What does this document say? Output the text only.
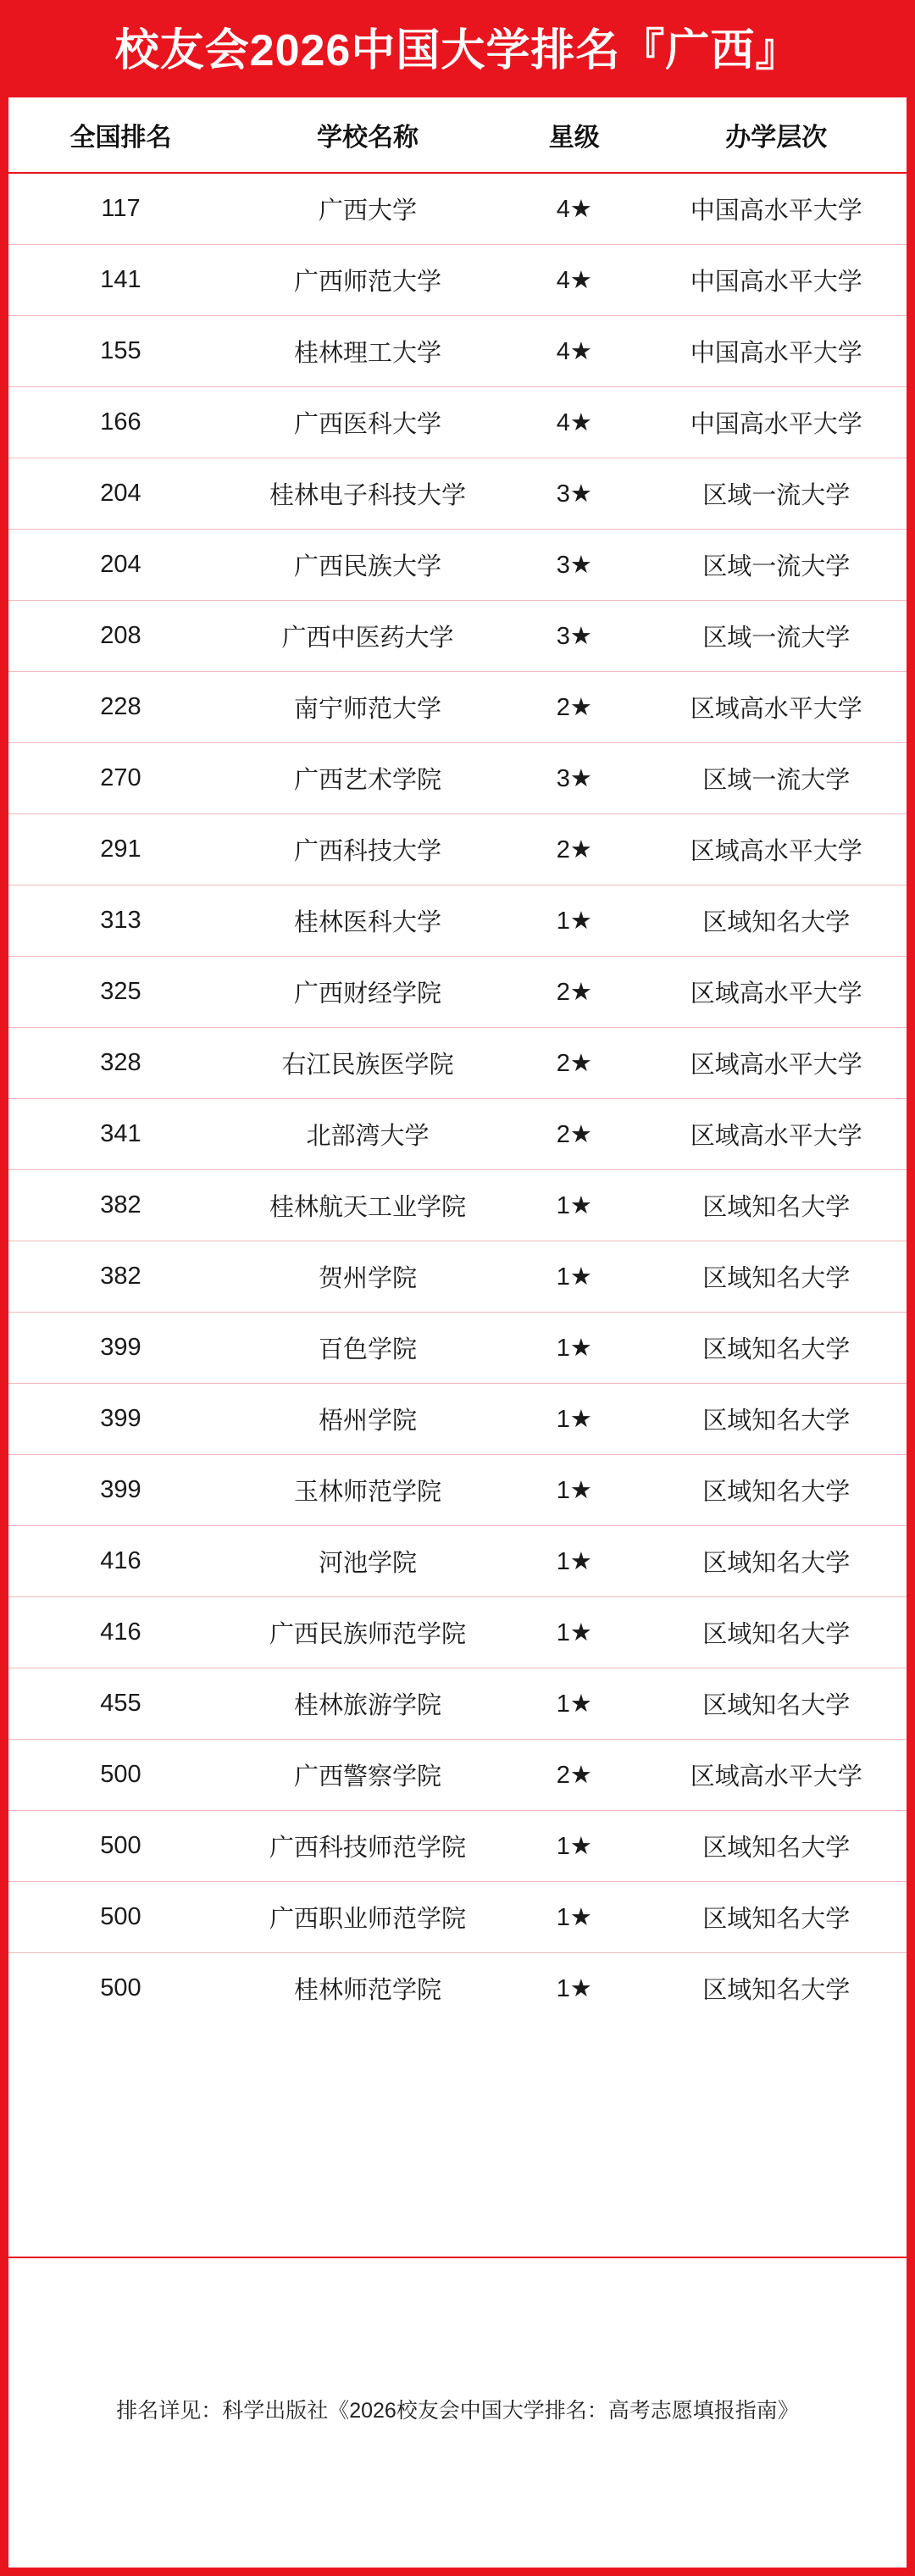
校友会2026中国大学排名『广西』
全国排名	学校名称	星级	办学层次
117	广西大学	4★	中国高水平大学
141	广西师范大学	4★	中国高水平大学
155	桂林理工大学	4★	中国高水平大学
166	广西医科大学	4★	中国高水平大学
204	桂林电子科技大学	3★	区域一流大学
204	广西民族大学	3★	区域一流大学
208	广西中医药大学	3★	区域一流大学
228	南宁师范大学	2★	区域高水平大学
270	广西艺术学院	3★	区域一流大学
291	广西科技大学	2★	区域高水平大学
313	桂林医科大学	1★	区域知名大学
325	广西财经学院	2★	区域高水平大学
328	右江民族医学院	2★	区域高水平大学
341	北部湾大学	2★	区域高水平大学
382	桂林航天工业学院	1★	区域知名大学
382	贺州学院	1★	区域知名大学
399	百色学院	1★	区域知名大学
399	梧州学院	1★	区域知名大学
399	玉林师范学院	1★	区域知名大学
416	河池学院	1★	区域知名大学
416	广西民族师范学院	1★	区域知名大学
455	桂林旅游学院	1★	区域知名大学
500	广西警察学院	2★	区域高水平大学
500	广西科技师范学院	1★	区域知名大学
500	广西职业师范学院	1★	区域知名大学
500	桂林师范学院	1★	区域知名大学
排名详见：科学出版社《2026校友会中国大学排名：高考志愿填报指南》
